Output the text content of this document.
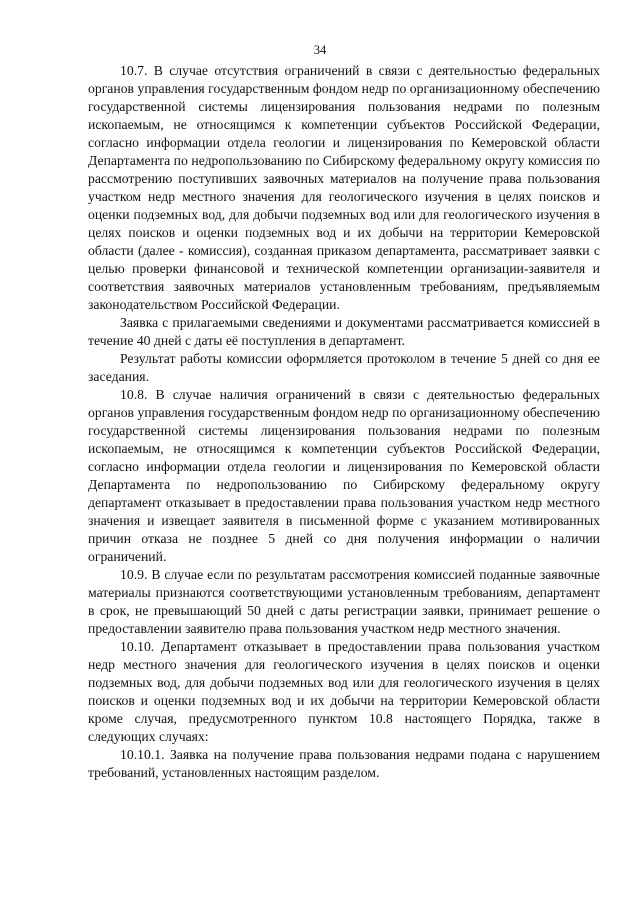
34

10.7. В случае отсутствия ограничений в связи с деятельностью федеральных органов управления государственным фондом недр по организационному обеспечению государственной системы лицензирования пользования недрами по полезным ископаемым, не относящимся к компетенции субъектов Российской Федерации, согласно информации отдела геологии и лицензирования по Кемеровской области Департамента по недропользованию по Сибирскому федеральному округу комиссия по рассмотрению поступивших заявочных материалов на получение права пользования участком недр местного значения для геологического изучения в целях поисков и оценки подземных вод, для добычи подземных вод или для геологического изучения в целях поисков и оценки подземных вод и их добычи на территории Кемеровской области (далее - комиссия), созданная приказом департамента, рассматривает заявки с целью проверки финансовой и технической компетенции организации-заявителя и соответствия заявочных материалов установленным требованиям, предъявляемым законодательством Российской Федерации.

Заявка с прилагаемыми сведениями и документами рассматривается комиссией в течение 40 дней с даты её поступления в департамент.

Результат работы комиссии оформляется протоколом в течение 5 дней со дня ее заседания.

10.8. В случае наличия ограничений в связи с деятельностью федеральных органов управления государственным фондом недр по организационному обеспечению государственной системы лицензирования пользования недрами по полезным ископаемым, не относящимся к компетенции субъектов Российской Федерации, согласно информации отдела геологии и лицензирования по Кемеровской области Департамента по недропользованию по Сибирскому федеральному округу департамент отказывает в предоставлении права пользования участком недр местного значения и извещает заявителя в письменной форме с указанием мотивированных причин отказа не позднее 5 дней со дня получения информации о наличии ограничений.

10.9. В случае если по результатам рассмотрения комиссией поданные заявочные материалы признаются соответствующими установленным требованиям, департамент в срок, не превышающий 50 дней с даты регистрации заявки, принимает решение о предоставлении заявителю права пользования участком недр местного значения.

10.10. Департамент отказывает в предоставлении права пользования участком недр местного значения для геологического изучения в целях поисков и оценки подземных вод, для добычи подземных вод или для геологического изучения в целях поисков и оценки подземных вод и их добычи на территории Кемеровской области кроме случая, предусмотренного пунктом 10.8 настоящего Порядка, также в следующих случаях:

10.10.1. Заявка на получение права пользования недрами подана с нарушением требований, установленных настоящим разделом.
